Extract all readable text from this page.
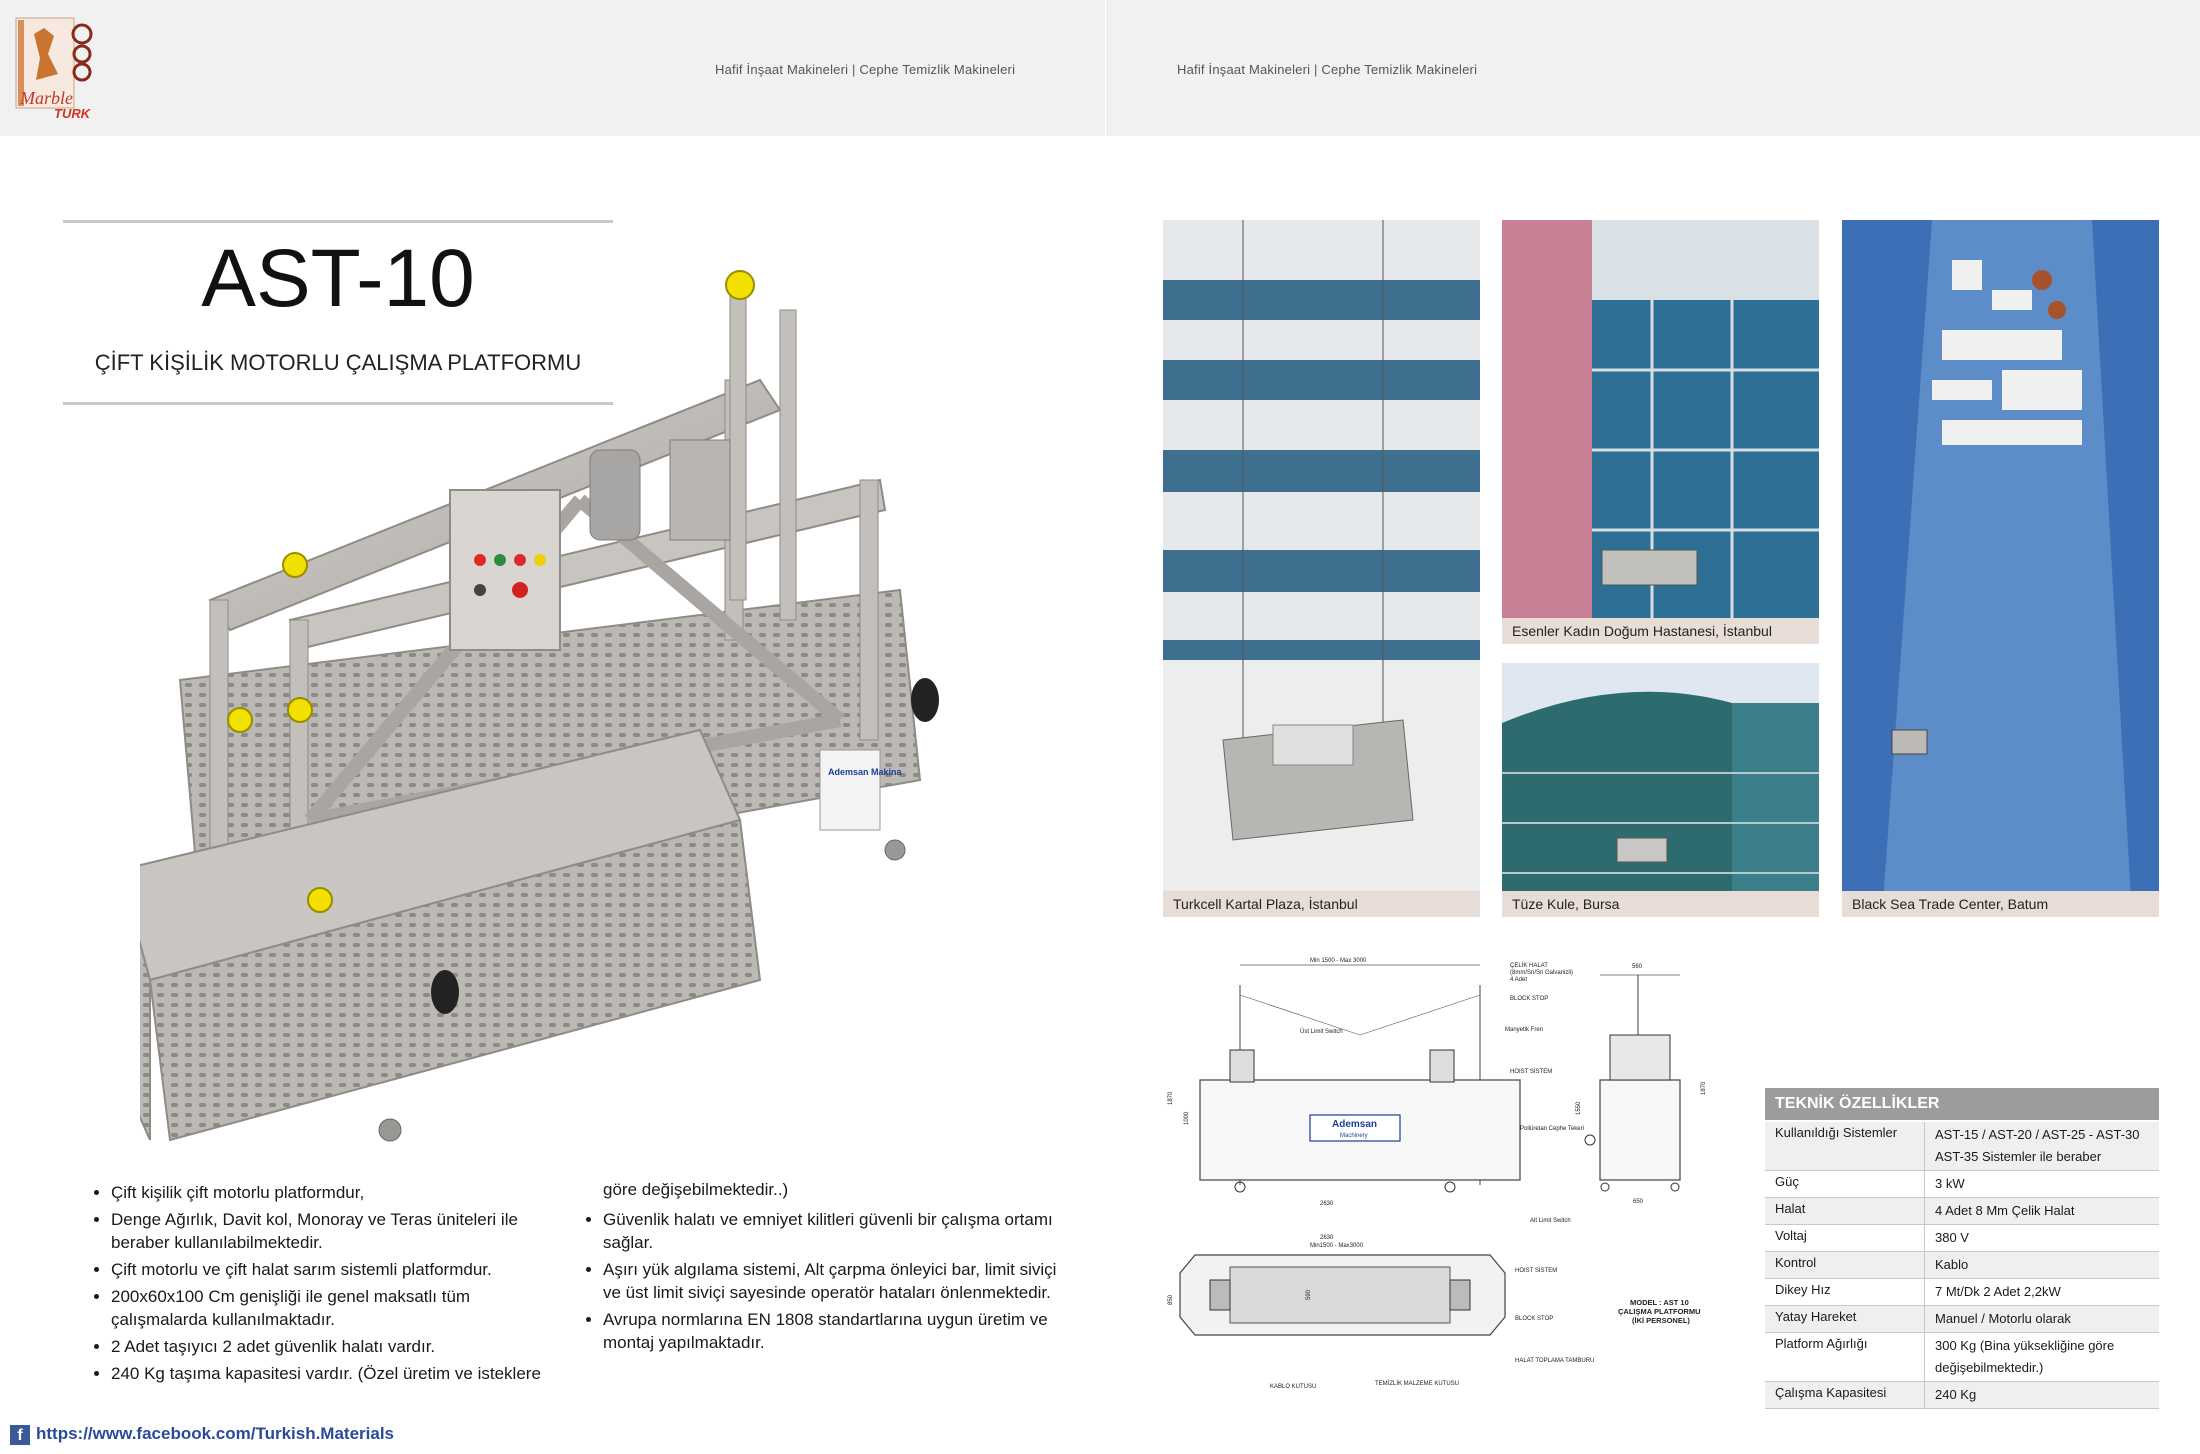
Marble
TURK
Hafif İnşaat Makineleri | Cephe Temizlik Makineleri	Hafif İnşaat Makineleri | Cephe Temizlik Makineleri
AST-10
ÇİFT KİŞİLİK MOTORLU ÇALIŞMA PLATFORMU
Ademsan Makina
• Çift kişilik çift motorlu platformdur,
• Denge Ağırlık, Davit kol, Monoray ve Teras üniteleri ile beraber kullanılabilmektedir.
• Çift motorlu ve çift halat sarım sistemli platformdur.
• 200x60x100 Cm genişliği ile genel maksatlı tüm çalışmalarda kullanılmaktadır.
• 2 Adet taşıyıcı 2 adet güvenlik halatı vardır.
• 240 Kg taşıma kapasitesi vardır. (Özel üretim ve isteklere
göre değişebilmektedir..)
• Güvenlik halatı ve emniyet kilitleri güvenli bir çalışma ortamı sağlar.
• Aşırı yük algılama sistemi, Alt çarpma önleyici bar, limit siviçi ve üst limit siviçi sayesinde operatör hataları önlenmektedir.
• Avrupa normlarına EN 1808 standartlarına uygun üretim ve montaj yapılmaktadır.
Turkcell Kartal Plaza, İstanbul
Esenler Kadın Doğum Hastanesi, İstanbul
Tüze Kule, Bursa	Black Sea Trade Center, Batum
Min 1500 - Max 3000
Ademsan
Machinery
1870
1000
2630
ÇELİK HALAT
(8mm/Sn/Sn Galvanizli)
4 Adet
BLOCK STOP
Üst Limit Switch	Manyetik Fren
HOIST SİSTEM
Poliüretan Cephe Tekeri
Alt Limit Switch
560
1550
1870
650
2630
Min1500 - Max3000
850	590
HOIST SİSTEM
BLOCK STOP
HALAT TOPLAMA TAMBURU
KABLO KUTUSU	TEMİZLİK MALZEME KUTUSU
MODEL : AST 10
ÇALIŞMA PLATFORMU
(İKİ PERSONEL)
TEKNİK ÖZELLİKLER
Kullanıldığı Sistemler	AST-15 / AST-20 / AST-25 - AST-30 AST-35 Sistemler ile beraber
Güç	3 kW
Halat	4 Adet 8 Mm Çelik Halat
Voltaj	380 V
Kontrol	Kablo
Dikey Hız	7 Mt/Dk 2 Adet 2,2kW
Yatay Hareket	Manuel / Motorlu olarak
Platform Ağırlığı	300 Kg (Bina yüksekliğine göre değişebilmektedir.)
Çalışma Kapasitesi	240 Kg
f https://www.facebook.com/Turkish.Materials
